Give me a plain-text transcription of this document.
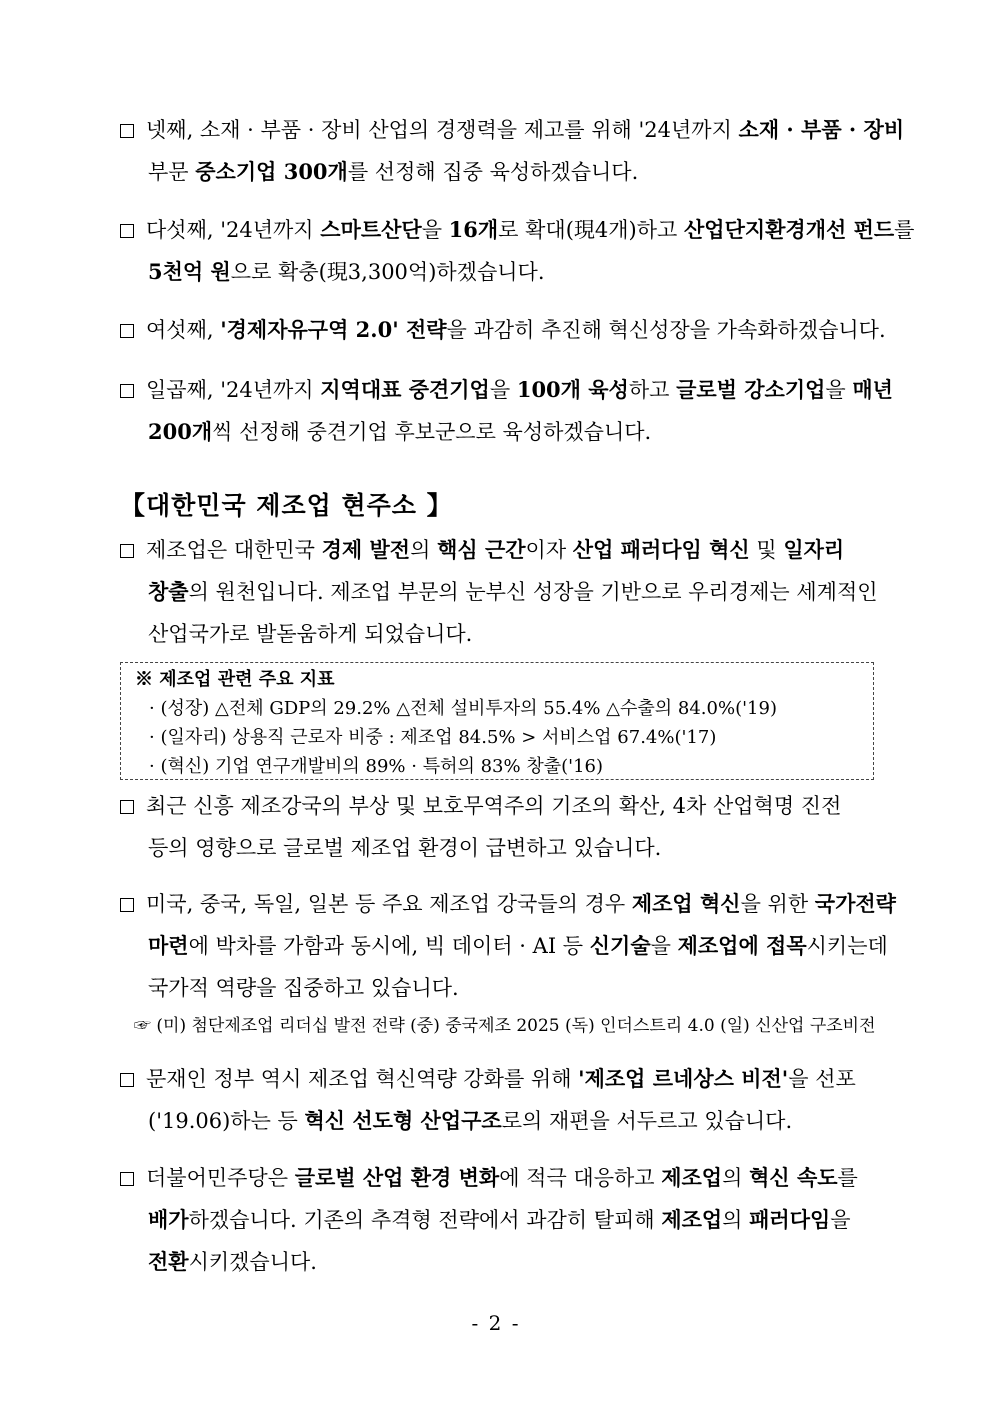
넷째, 소재 · 부품 · 장비 산업의 경쟁력을 제고를 위해 '24년까지 소재 · 부품 · 장비
부문 중소기업 300개를 선정해 집중 육성하겠습니다.
다섯째, '24년까지 스마트산단을 16개로 확대(現4개)하고 산업단지환경개선 펀드를
5천억 원으로 확충(現3,300억)하겠습니다.
여섯째, '경제자유구역 2.0' 전략을 과감히 추진해 혁신성장을 가속화하겠습니다.
일곱째, '24년까지 지역대표 중견기업을 100개 육성하고 글로벌 강소기업을 매년
200개씩 선정해 중견기업 후보군으로 육성하겠습니다.
【대한민국 제조업 현주소 】
제조업은 대한민국 경제 발전의 핵심 근간이자 산업 패러다임 혁신 및 일자리
창출의 원천입니다. 제조업 부문의 눈부신 성장을 기반으로 우리경제는 세계적인
산업국가로 발돋움하게 되었습니다.
※ 제조업 관련 주요 지표
· (성장) △전체 GDP의 29.2% △전체 설비투자의 55.4% △수출의 84.0%('19)
· (일자리) 상용직 근로자 비중 : 제조업 84.5% > 서비스업 67.4%('17)
· (혁신) 기업 연구개발비의 89% · 특허의 83% 창출('16)
최근 신흥 제조강국의 부상 및 보호무역주의 기조의 확산, 4차 산업혁명 진전
등의 영향으로 글로벌 제조업 환경이 급변하고 있습니다.
미국, 중국, 독일, 일본 등 주요 제조업 강국들의 경우 제조업 혁신을 위한 국가전략
마련에 박차를 가함과 동시에, 빅 데이터 · AI 등 신기술을 제조업에 접목시키는데
국가적 역량을 집중하고 있습니다.
☞ (미) 첨단제조업 리더십 발전 전략 (중) 중국제조 2025 (독) 인더스트리 4.0 (일) 신산업 구조비전
문재인 정부 역시 제조업 혁신역량 강화를 위해 '제조업 르네상스 비전'을 선포
('19.06)하는 등 혁신 선도형 산업구조로의 재편을 서두르고 있습니다.
더불어민주당은 글로벌 산업 환경 변화에 적극 대응하고 제조업의 혁신 속도를
배가하겠습니다. 기존의 추격형 전략에서 과감히 탈피해 제조업의 패러다임을
전환시키겠습니다.
- 2 -
